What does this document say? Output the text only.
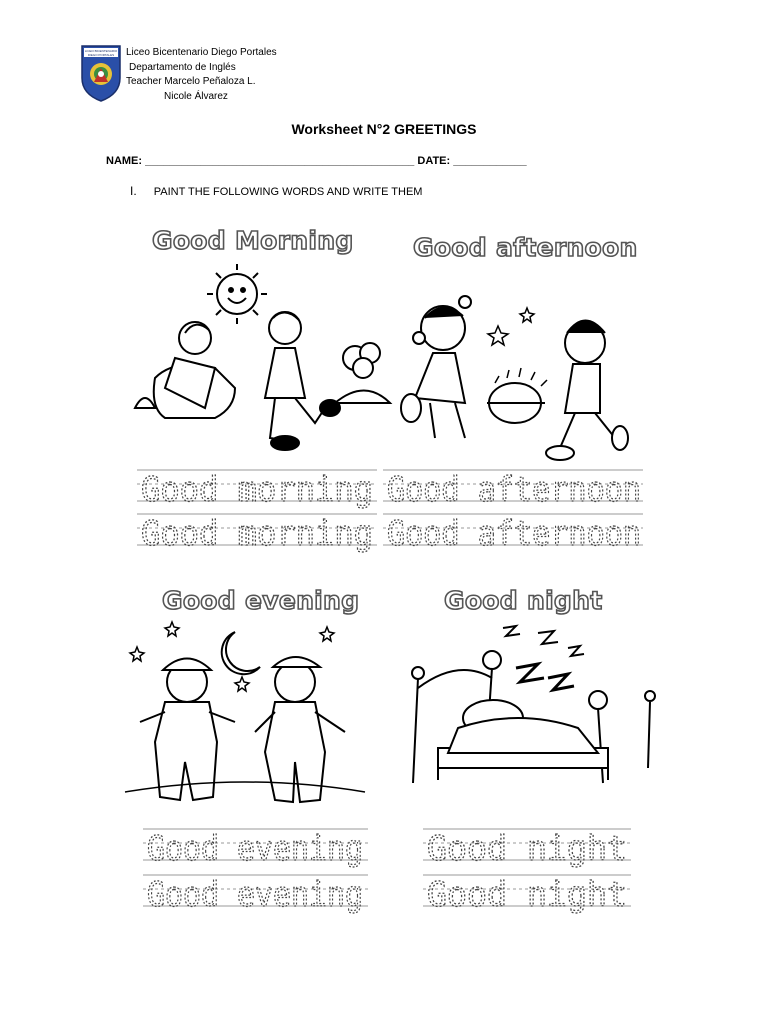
LICEO BICENTENARIO
DIEGO PORTALES Liceo Bicentenario Diego Portales
Departamento de Inglés
Teacher Marcelo Peñaloza L.
Nicole Álvarez
Worksheet N°2 GREETINGS
NAME: ____________________________________________ DATE: ____________
I. PAINT THE FOLLOWING WORDS AND WRITE THEM
Good Morning Good afternoon
Good evening	Good night
Good morning
Good morning
Good afternoon
Good afternoon
Good evening
Good evening
Good night
Good night
